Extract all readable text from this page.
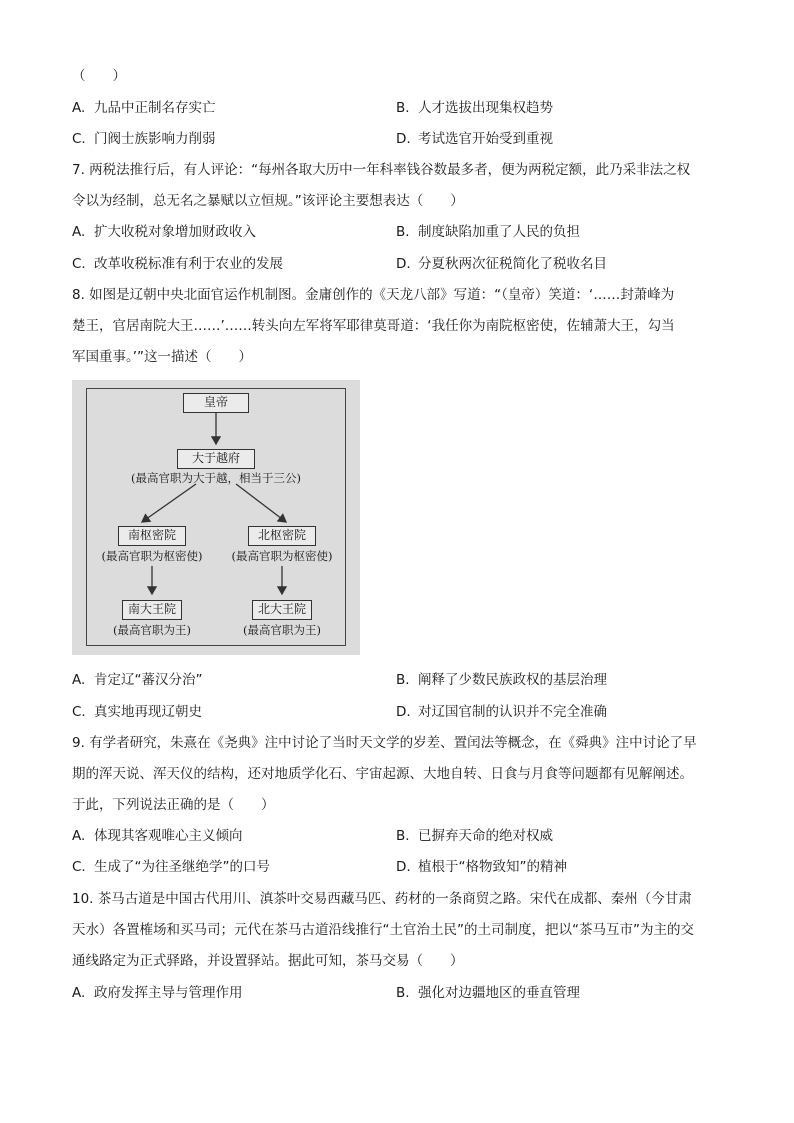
（　　）
A. 九品中正制名存实亡	B. 人才选拔出现集权趋势
C. 门阀士族影响力削弱	D. 考试选官开始受到重视
7. 两税法推行后，有人评论：“每州各取大历中一年科率钱谷数最多者，便为两税定额，此乃采非法之权
令以为经制，总无名之暴赋以立恒规。”该评论主要想表达（　　）
A. 扩大收税对象增加财政收入	B. 制度缺陷加重了人民的负担
C. 改革收税标准有利于农业的发展	D. 分夏秋两次征税简化了税收名目
8. 如图是辽朝中央北面官运作机制图。金庸创作的《天龙八部》写道：“（皇帝）笑道：‘……封萧峰为
楚王，官居南院大王……’……转头向左军将军耶律莫哥道：‘我任你为南院枢密使，佐辅萧大王，勾当
军国重事。’”这一描述（　　）
皇帝
大于越府
(最高官职为大于越，相当于三公)
南枢密院
(最高官职为枢密使)
北枢密院
(最高官职为枢密使)
南大王院
(最高官职为王)
北大王院
(最高官职为王)
A. 肯定辽“蕃汉分治”	B. 阐释了少数民族政权的基层治理
C. 真实地再现辽朝史	D. 对辽国官制的认识并不完全准确
9. 有学者研究，朱熹在《尧典》注中讨论了当时天文学的岁差、置闰法等概念，在《舜典》注中讨论了早
期的浑天说、浑天仪的结构，还对地质学化石、宇宙起源、大地自转、日食与月食等问题都有见解阐述。
于此，下列说法正确的是（　　）
A. 体现其客观唯心主义倾向	B. 已摒弃天命的绝对权威
C. 生成了“为往圣继绝学”的口号	D. 植根于“格物致知”的精神
10. 茶马古道是中国古代用川、滇茶叶交易西藏马匹、药材的一条商贸之路。宋代在成都、秦州（今甘肃
天水）各置榷场和买马司；元代在茶马古道沿线推行“土官治土民”的土司制度，把以“茶马互市”为主的交
通线路定为正式驿路，并设置驿站。据此可知，茶马交易（　　）
A. 政府发挥主导与管理作用	B. 强化对边疆地区的垂直管理
